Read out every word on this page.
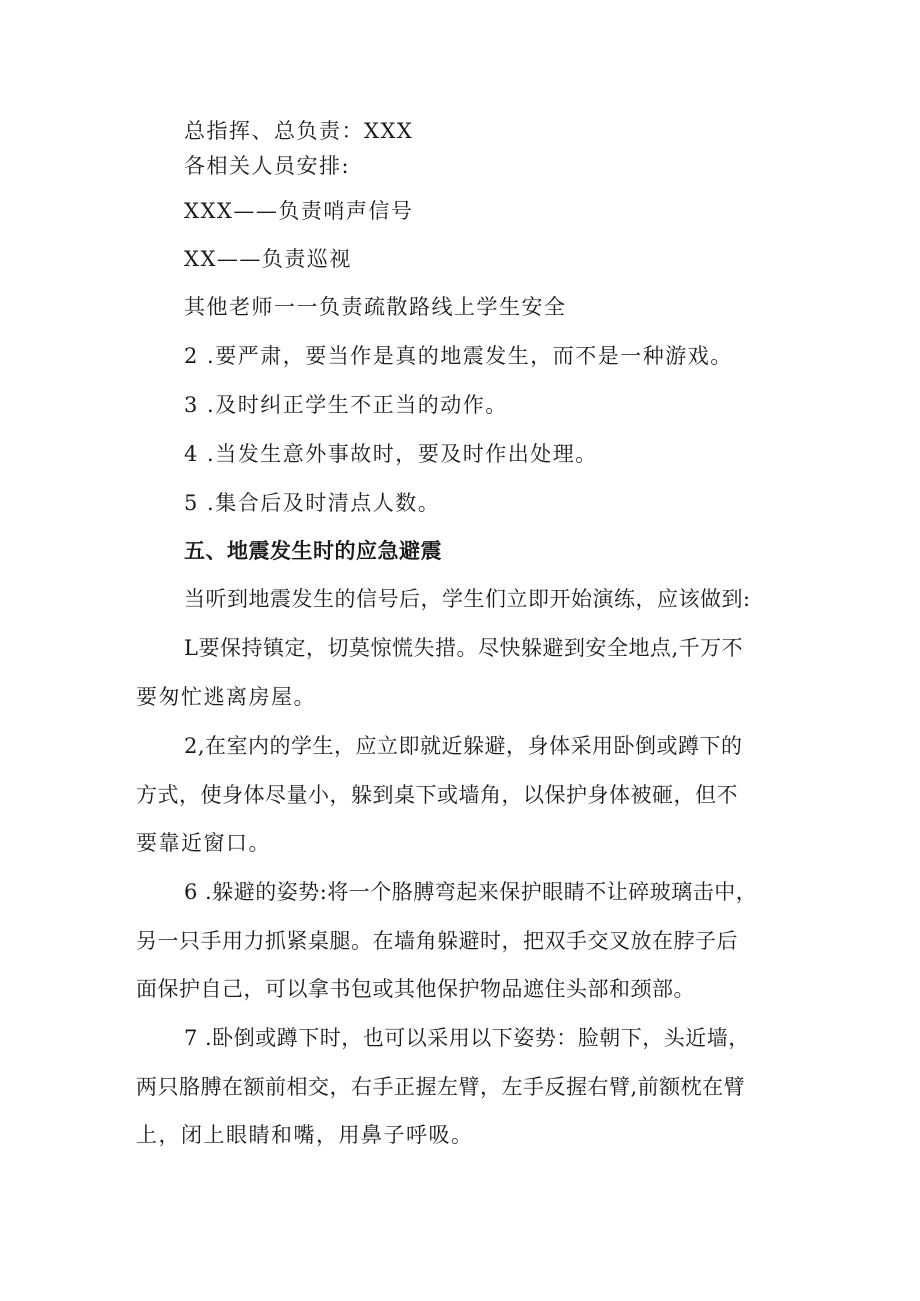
总指挥、总负责：XXX
各相关人员安排:
XXX——负责哨声信号
XX——负责巡视
其他老师一一负责疏散路线上学生安全
2 .要严肃，要当作是真的地震发生，而不是一种游戏。
3 .及时纠正学生不正当的动作。
4 .当发生意外事故时，要及时作出处理。
5 .集合后及时清点人数。
五、地震发生时的应急避震
当听到地震发生的信号后，学生们立即开始演练，应该做到:
L要保持镇定，切莫惊慌失措。尽快躲避到安全地点,千万不
要匆忙逃离房屋。
2,在室内的学生，应立即就近躲避，身体采用卧倒或蹲下的
方式，使身体尽量小，躲到桌下或墙角，以保护身体被砸，但不
要靠近窗口。
6 .躲避的姿势:将一个胳膊弯起来保护眼睛不让碎玻璃击中，
另一只手用力抓紧桌腿。在墙角躲避时，把双手交叉放在脖子后
面保护自己，可以拿书包或其他保护物品遮住头部和颈部。
7 .卧倒或蹲下时，也可以采用以下姿势：脸朝下，头近墙，
两只胳膊在额前相交，右手正握左臂，左手反握右臂,前额枕在臂
上，闭上眼睛和嘴，用鼻子呼吸。
